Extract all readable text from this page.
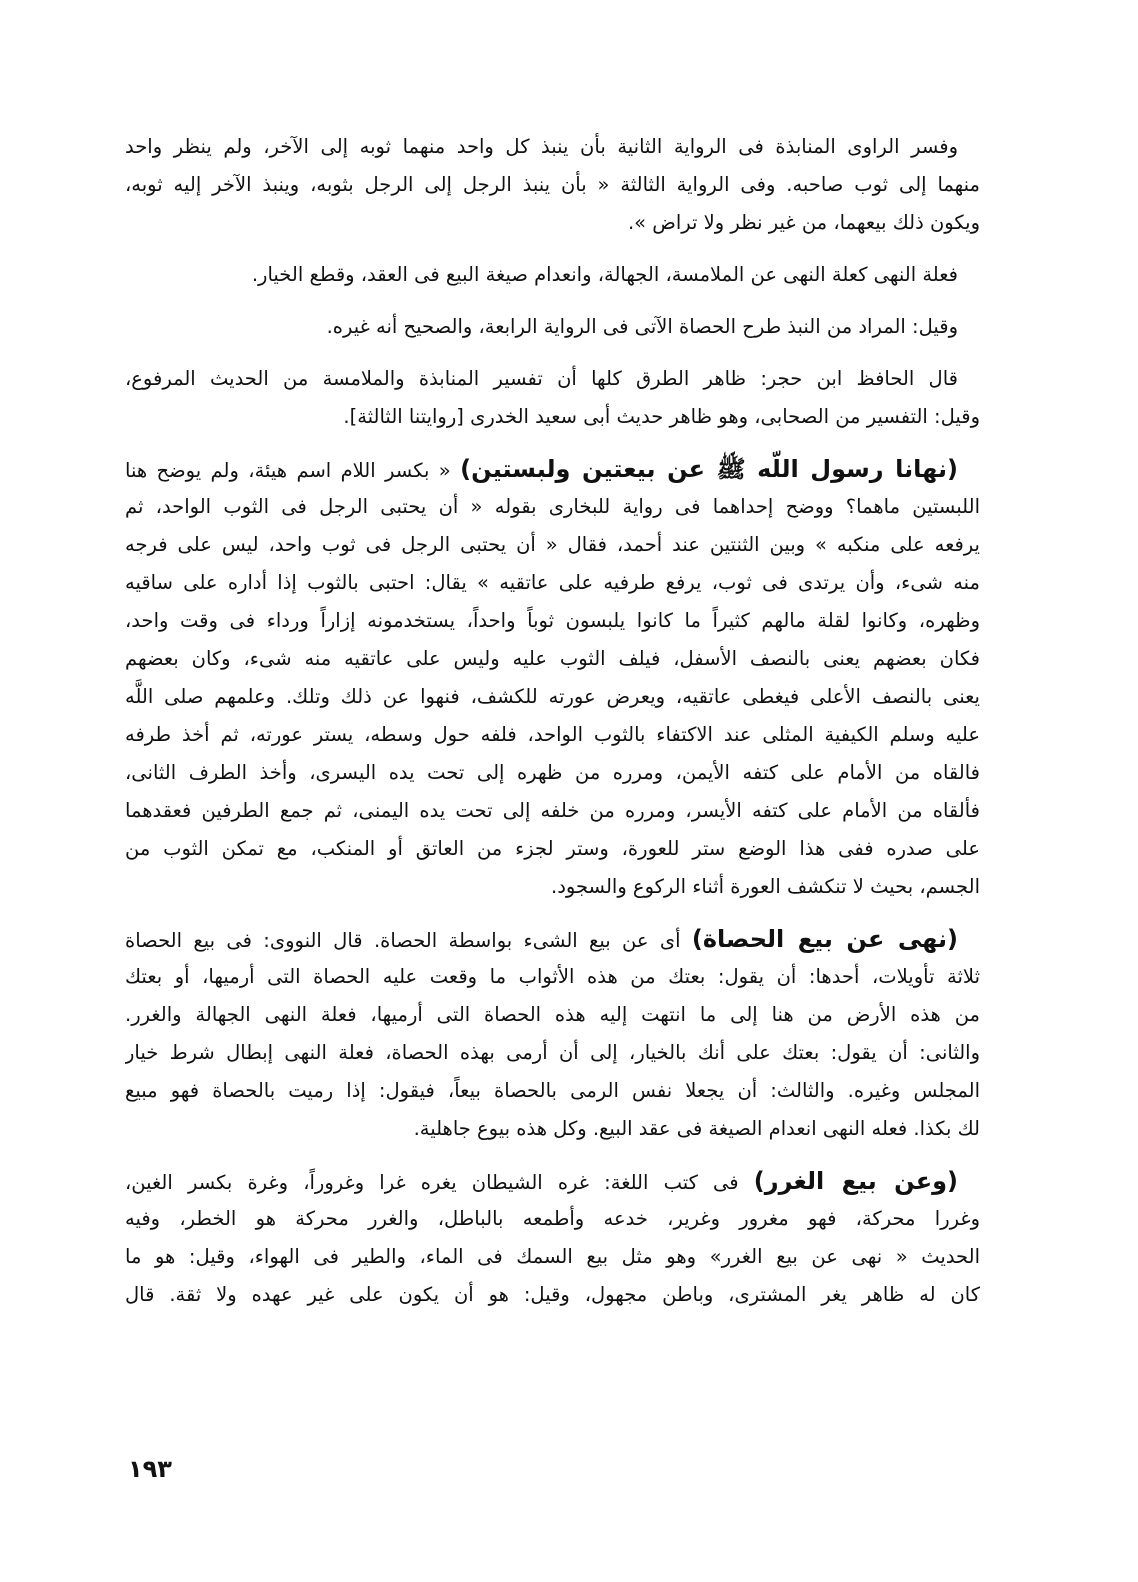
وفسر الراوى المنابذة فى الرواية الثانية بأن ينبذ كل واحد منهما ثوبه إلى الآخر، ولم ينظر واحد
منهما إلى ثوب صاحبه. وفى الرواية الثالثة « بأن ينبذ الرجل إلى الرجل بثوبه، وينبذ الآخر إليه ثوبه،
ويكون ذلك بيعهما، من غير نظر ولا تراض ».
فعلة النهى كعلة النهى عن الملامسة، الجهالة، وانعدام صيغة البيع فى العقد، وقطع الخيار.
وقيل: المراد من النبذ طرح الحصاة الآتى فى الرواية الرابعة، والصحيح أنه غيره.
قال الحافظ ابن حجر: ظاهر الطرق كلها أن تفسير المنابذة والملامسة من الحديث المرفوع،
وقيل: التفسير من الصحابى، وهو ظاهر حديث أبى سعيد الخدرى [روايتنا الثالثة].
(نهانا رسول اللَّه ﷺ عن بيعتين ولبستين) « بكسر اللام اسم هيئة، ولم يوضح هنا
اللبستين ماهما؟ ووضح إحداهما فى رواية للبخارى بقوله « أن يحتبى الرجل فى الثوب الواحد، ثم
يرفعه على منكبه » وبين الثنتين عند أحمد، فقال « أن يحتبى الرجل فى ثوب واحد، ليس على فرجه
منه شىء، وأن يرتدى فى ثوب، يرفع طرفيه على عاتقيه » يقال: احتبى بالثوب إذا أداره على ساقيه
وظهره، وكانوا لقلة مالهم كثيراً ما كانوا يلبسون ثوباً واحداً، يستخدمونه إزاراً ورداء فى وقت واحد،
فكان بعضهم يعنى بالنصف الأسفل، فيلف الثوب عليه وليس على عاتقيه منه شىء، وكان بعضهم
يعنى بالنصف الأعلى فيغطى عاتقيه، ويعرض عورته للكشف، فنهوا عن ذلك وتلك. وعلمهم صلى اللَّه
عليه وسلم الكيفية المثلى عند الاكتفاء بالثوب الواحد، فلفه حول وسطه، يستر عورته، ثم أخذ طرفه
فالقاه من الأمام على كتفه الأيمن، ومرره من ظهره إلى تحت يده اليسرى، وأخذ الطرف الثانى،
فألقاه من الأمام على كتفه الأيسر، ومرره من خلفه إلى تحت يده اليمنى، ثم جمع الطرفين فعقدهما
على صدره ففى هذا الوضع ستر للعورة، وستر لجزء من العاتق أو المنكب، مع تمكن الثوب من
الجسم، بحيث لا تنكشف العورة أثناء الركوع والسجود.
(نهى عن بيع الحصاة) أى عن بيع الشىء بواسطة الحصاة. قال النووى: فى بيع الحصاة
ثلاثة تأويلات، أحدها: أن يقول: بعتك من هذه الأثواب ما وقعت عليه الحصاة التى أرميها، أو بعتك
من هذه الأرض من هنا إلى ما انتهت إليه هذه الحصاة التى أرميها، فعلة النهى الجهالة والغرر.
والثانى: أن يقول: بعتك على أنك بالخيار، إلى أن أرمى بهذه الحصاة، فعلة النهى إبطال شرط خيار
المجلس وغيره. والثالث: أن يجعلا نفس الرمى بالحصاة بيعاً، فيقول: إذا رميت بالحصاة فهو مبيع
لك بكذا. فعله النهى انعدام الصيغة فى عقد البيع. وكل هذه بيوع جاهلية.
(وعن بيع الغرر) فى كتب اللغة: غره الشيطان يغره غرا وغروراً، وغرة بكسر الغين،
وغررا محركة، فهو مغرور وغرير، خدعه وأطمعه بالباطل، والغرر محركة هو الخطر، وفيه
الحديث « نهى عن بيع الغرر» وهو مثل بيع السمك فى الماء، والطير فى الهواء، وقيل: هو ما
كان له ظاهر يغر المشترى، وباطن مجهول، وقيل: هو أن يكون على غير عهده ولا ثقة. قال
١٩٣
